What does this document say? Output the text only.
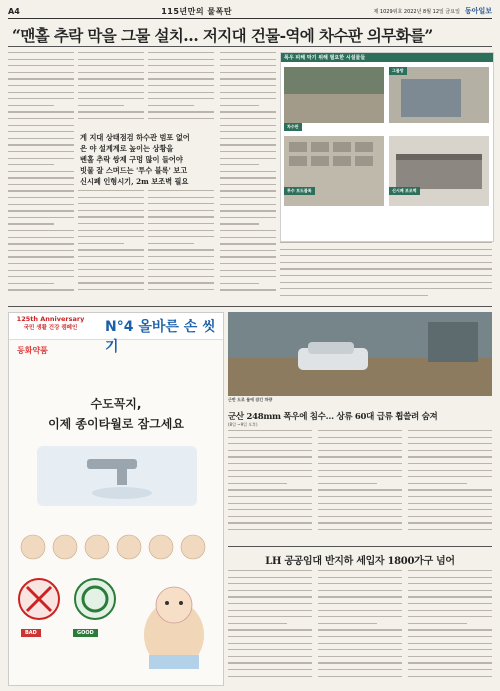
A4	115년만의 물폭탄	제 1029위호 2022년 8월 12일 금요일 동아일보
“맨홀 추락 막을 그물 설치… 저지대 건물-역에 차수판 의무화를”
게 지대 상태점검 하수관 범포 없어
은 야 설계계로 높이는 상황을
벤홀 추락 쌍제 구멍 많이 들어야
빗물 잘 스며드는 '투수 블록' 보고
신시폐 인형시기, 2m 보조벽 필요
폭우 피해 막기 위해 필요한 시설물들
차수판
그물망
투수 보도블록	신시폐 보조벽
125th Anniversary
국민 생활 건강 캠페인	N°4 올바른 손 씻기
동화약품
수도꼭지,
이제 종이타월로 잠그세요
BAD	GOOD
근반 도로 물에 잠긴 차량
군산 248mm 폭우에 침수… 상류 60대 급류 휩쓸려 숨져
(8일 ~9일 오후)
LH 공공임대 반지하 세입자 1800가구 넘어
